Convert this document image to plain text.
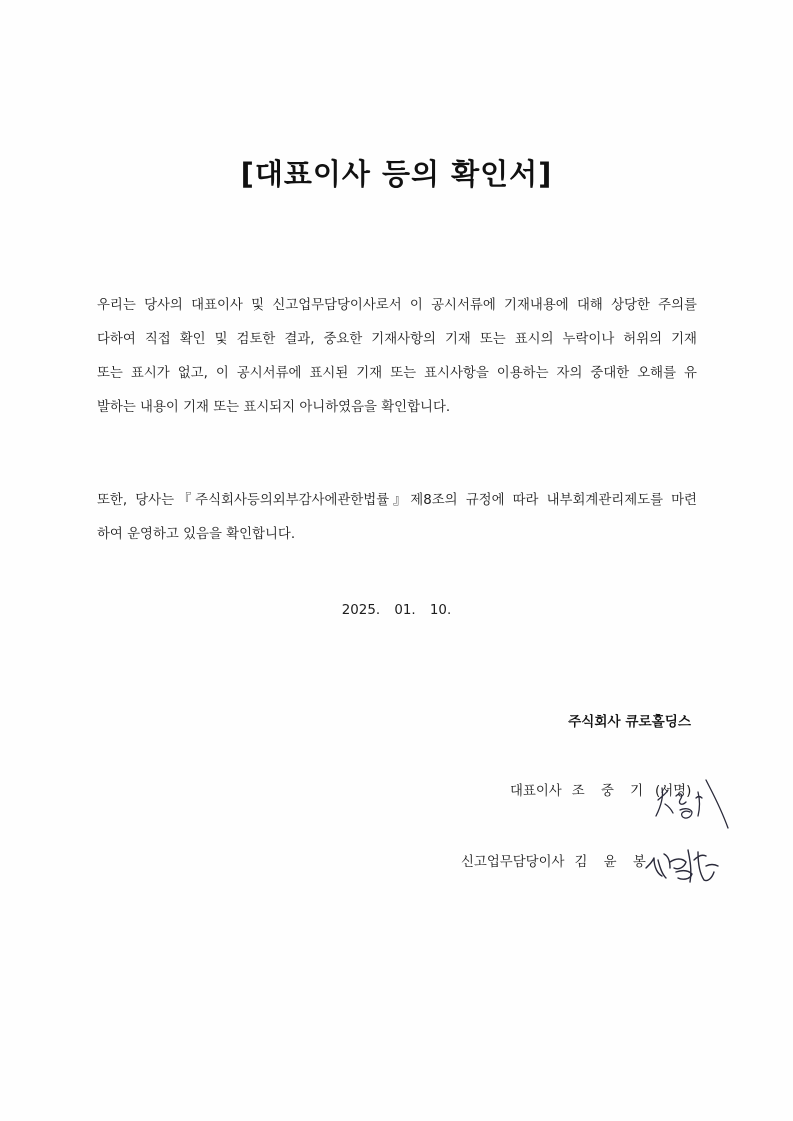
[대표이사 등의 확인서]
우리는 당사의 대표이사 및 신고업무담당이사로서 이 공시서류에 기재내용에 대해 상당한 주의를
다하여 직접 확인 및 검토한 결과, 중요한 기재사항의 기재 또는 표시의 누락이나 허위의 기재
또는 표시가 없고, 이 공시서류에 표시된 기재 또는 표시사항을 이용하는 자의 중대한 오해를 유
발하는 내용이 기재 또는 표시되지 아니하였음을 확인합니다.
또한, 당사는『주식회사등의외부감사에관한법률』제8조의 규정에 따라 내부회계관리제도를 마련
하여 운영하고 있음을 확인합니다.
2025. 01. 10.
주식회사 큐로홀딩스
대표이사 조 중 기 (서명)
신고업무담당이사 김 윤 봉
